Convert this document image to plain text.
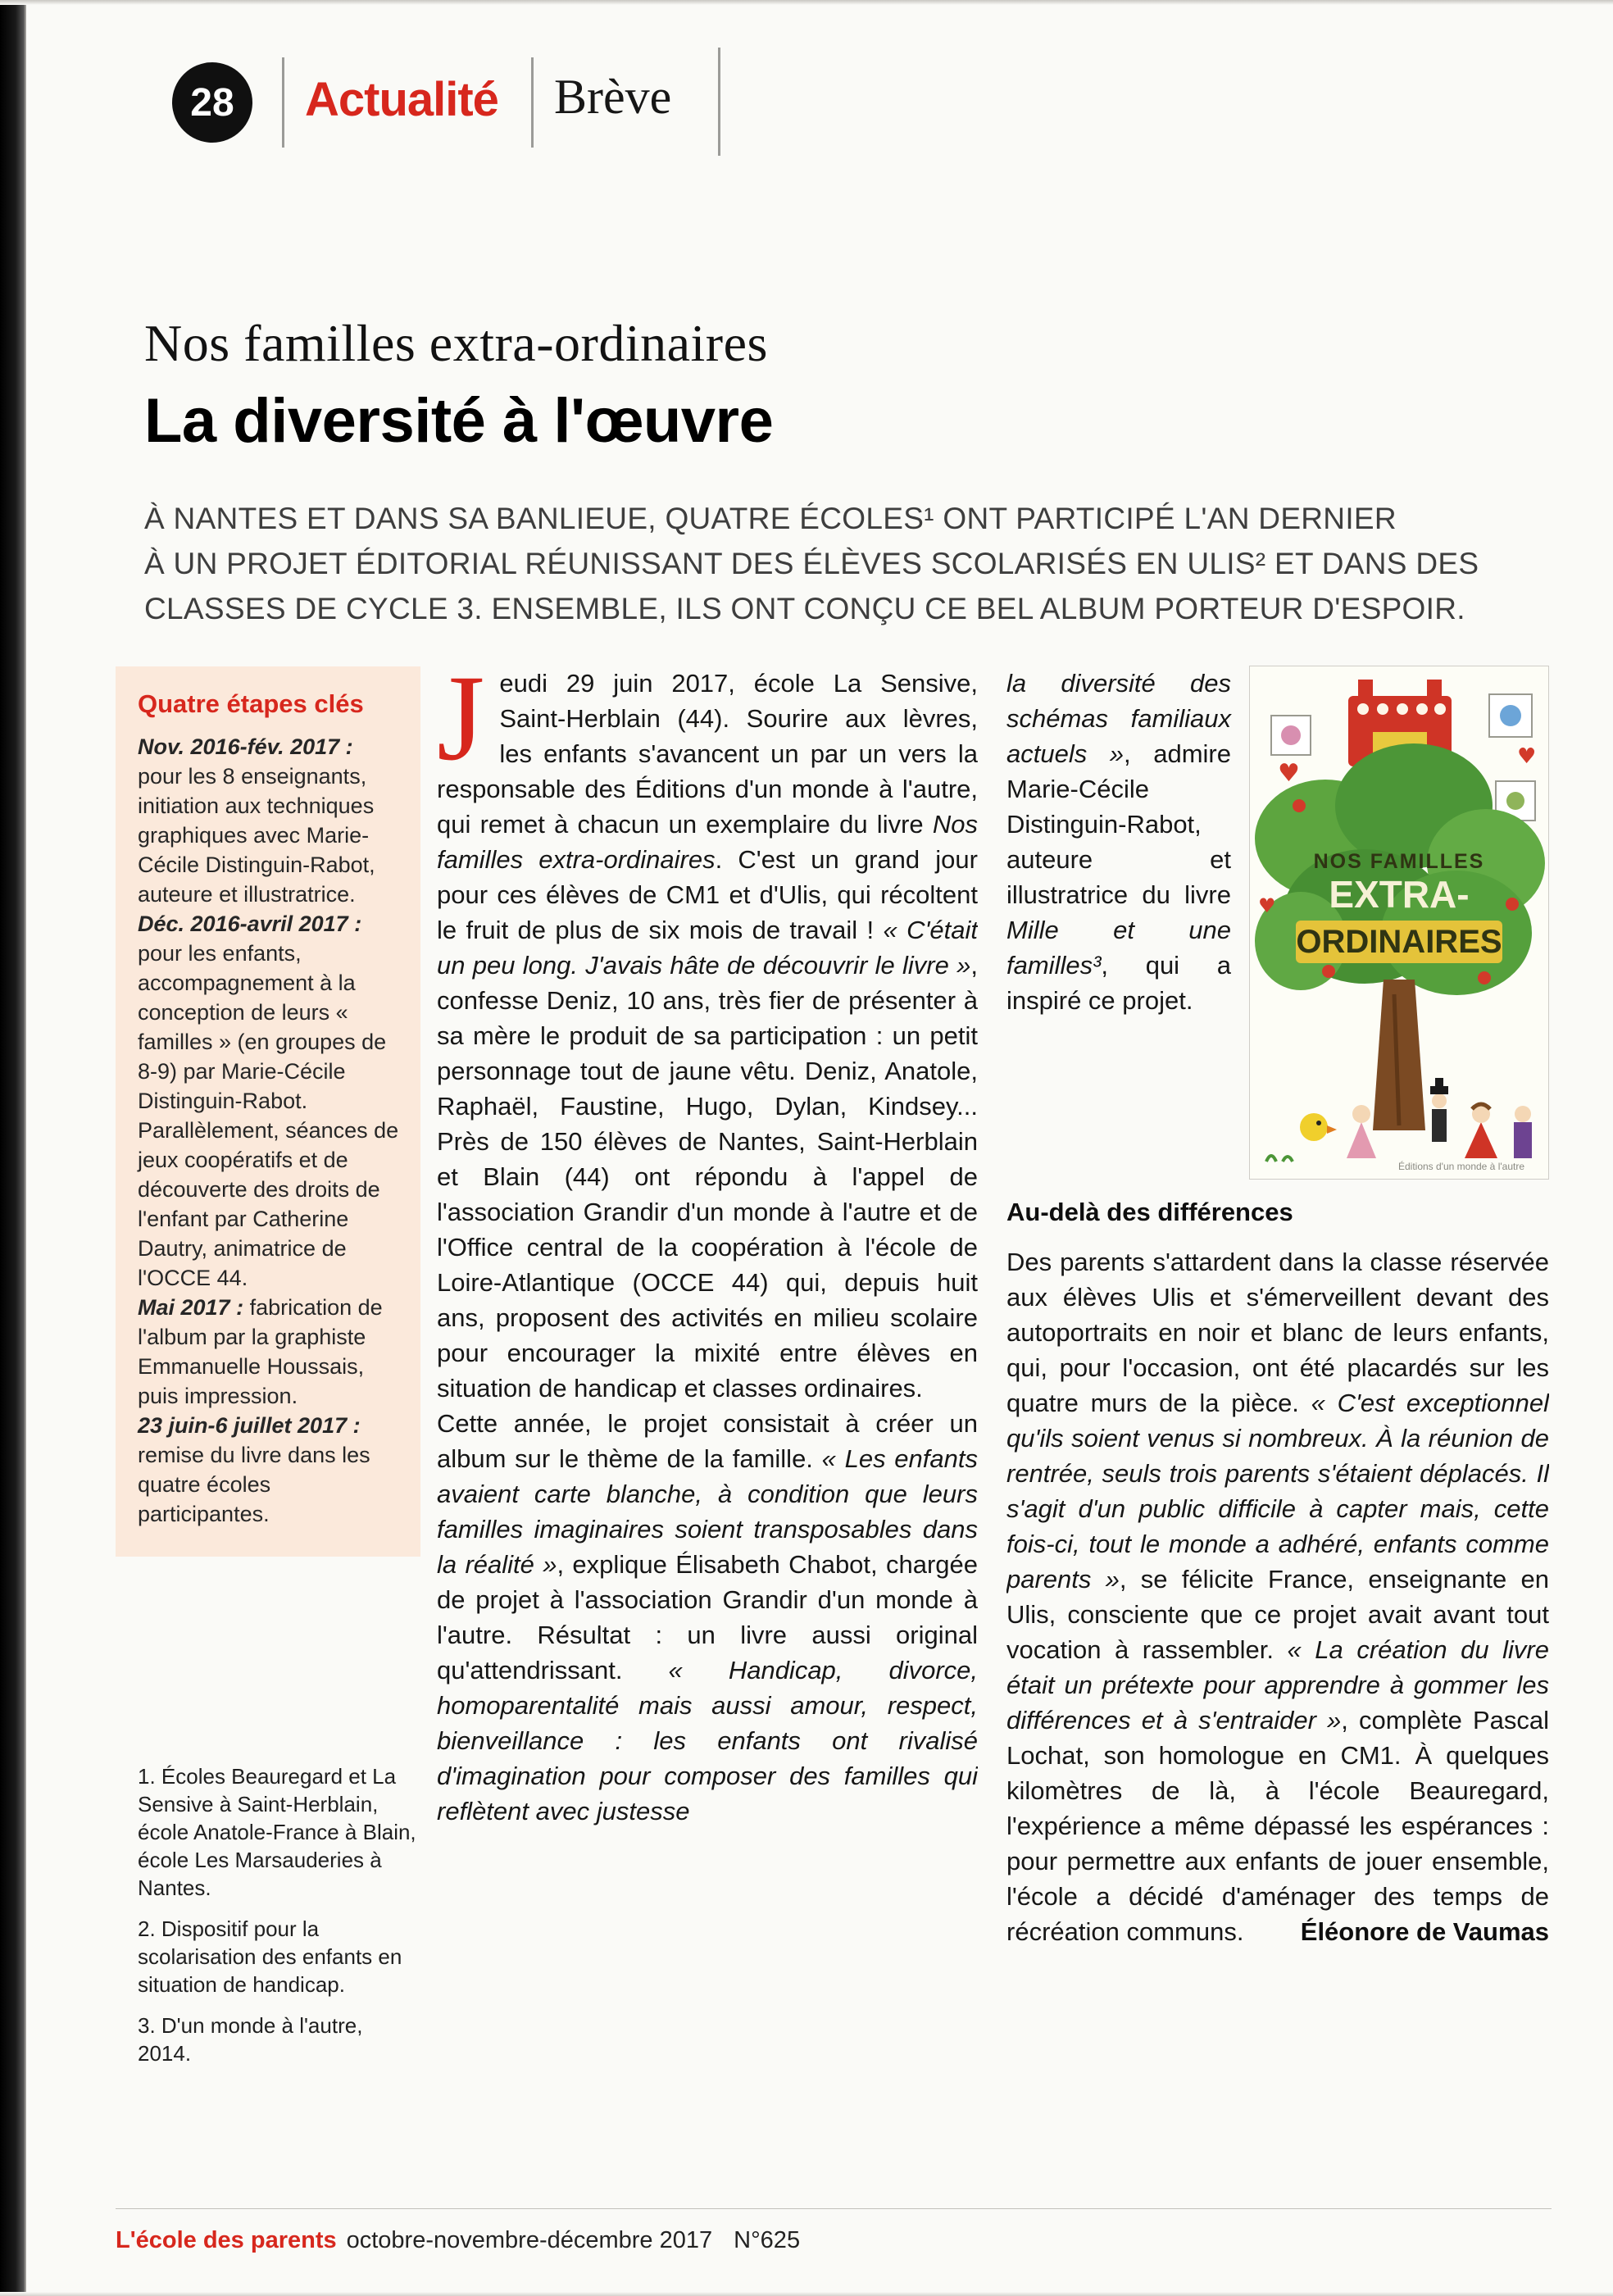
28 Actualité Brève
Nos familles extra-ordinaires
La diversité à l'œuvre
À NANTES ET DANS SA BANLIEUE, QUATRE ÉCOLES¹ ONT PARTICIPÉ L'AN DERNIER
À UN PROJET ÉDITORIAL RÉUNISSANT DES ÉLÈVES SCOLARISÉS EN ULIS² ET DANS DES
CLASSES DE CYCLE 3. ENSEMBLE, ILS ONT CONÇU CE BEL ALBUM PORTEUR D'ESPOIR.
Quatre étapes clés

Nov. 2016-fév. 2017 : pour les 8 enseignants, initiation aux techniques graphiques avec Marie-Cécile Distinguin-Rabot, auteure et illustratrice.

Déc. 2016-avril 2017 : pour les enfants, accompagnement à la conception de leurs « familles » (en groupes de 8-9) par Marie-Cécile Distinguin-Rabot. Parallèlement, séances de jeux coopératifs et de découverte des droits de l'enfant par Catherine Dautry, animatrice de l'OCCE 44.

Mai 2017 : fabrication de l'album par la graphiste Emmanuelle Houssais, puis impression.

23 juin-6 juillet 2017 : remise du livre dans les quatre écoles participantes.

1. Écoles Beauregard et La Sensive à Saint-Herblain, école Anatole-France à Blain, école Les Marsauderies à Nantes.

2. Dispositif pour la scolarisation des enfants en situation de handicap.

3. D'un monde à l'autre, 2014.

Jeudi 29 juin 2017, école La Sensive, Saint-Herblain (44). Sourire aux lèvres, les enfants s'avancent un par un vers la responsable des Éditions d'un monde à l'autre, qui remet à chacun un exemplaire du livre Nos familles extra-ordinaires. C'est un grand jour pour ces élèves de CM1 et d'Ulis, qui récoltent le fruit de plus de six mois de travail ! « C'était un peu long. J'avais hâte de découvrir le livre », confesse Deniz, 10 ans, très fier de présenter à sa mère le produit de sa participation : un petit personnage tout de jaune vêtu. Deniz, Anatole, Raphaël, Faustine, Hugo, Dylan, Kindsey... Près de 150 élèves de Nantes, Saint-Herblain et Blain (44) ont répondu à l'appel de l'association Grandir d'un monde à l'autre et de l'Office central de la coopération à l'école de Loire-Atlantique (OCCE 44) qui, depuis huit ans, proposent des activités en milieu scolaire pour encourager la mixité entre élèves en situation de handicap et classes ordinaires.

Cette année, le projet consistait à créer un album sur le thème de la famille. « Les enfants avaient carte blanche, à condition que leurs familles imaginaires soient transposables dans la réalité », explique Élisabeth Chabot, chargée de projet à l'association Grandir d'un monde à l'autre. Résultat : un livre aussi original qu'attendrissant. « Handicap, divorce, homoparentalité mais aussi amour, respect, bienveillance : les enfants ont rivalisé d'imagination pour composer des familles qui reflètent avec justesse

♥
♥
♥
NOS FAMILLES
EXTRA-
ORDINAIRES
Éditions d'un monde à l'autre

la diversité des schémas familiaux actuels », admire Marie-Cécile Distinguin-Rabot, auteure et illustratrice du livre Mille et une familles³, qui a inspiré ce projet.

Au-delà des différences

Des parents s'attardent dans la classe réservée aux élèves Ulis et s'émerveillent devant des autoportraits en noir et blanc de leurs enfants, qui, pour l'occasion, ont été placardés sur les quatre murs de la pièce. « C'est exceptionnel qu'ils soient venus si nombreux. À la réunion de rentrée, seuls trois parents s'étaient déplacés. Il s'agit d'un public difficile à capter mais, cette fois-ci, tout le monde a adhéré, enfants comme parents », se félicite France, enseignante en Ulis, consciente que ce projet avait avant tout vocation à rassembler. « La création du livre était un prétexte pour apprendre à gommer les différences et à s'entraider », complète Pascal Lochat, son homologue en CM1. À quelques kilomètres de là, à l'école Beauregard, l'expérience a même dépassé les espérances : pour permettre aux enfants de jouer ensemble, l'école a décidé d'aménager des temps de récréation communs. Éléonore de Vaumas

L'école des parents octobre-novembre-décembre 2017 N°625
